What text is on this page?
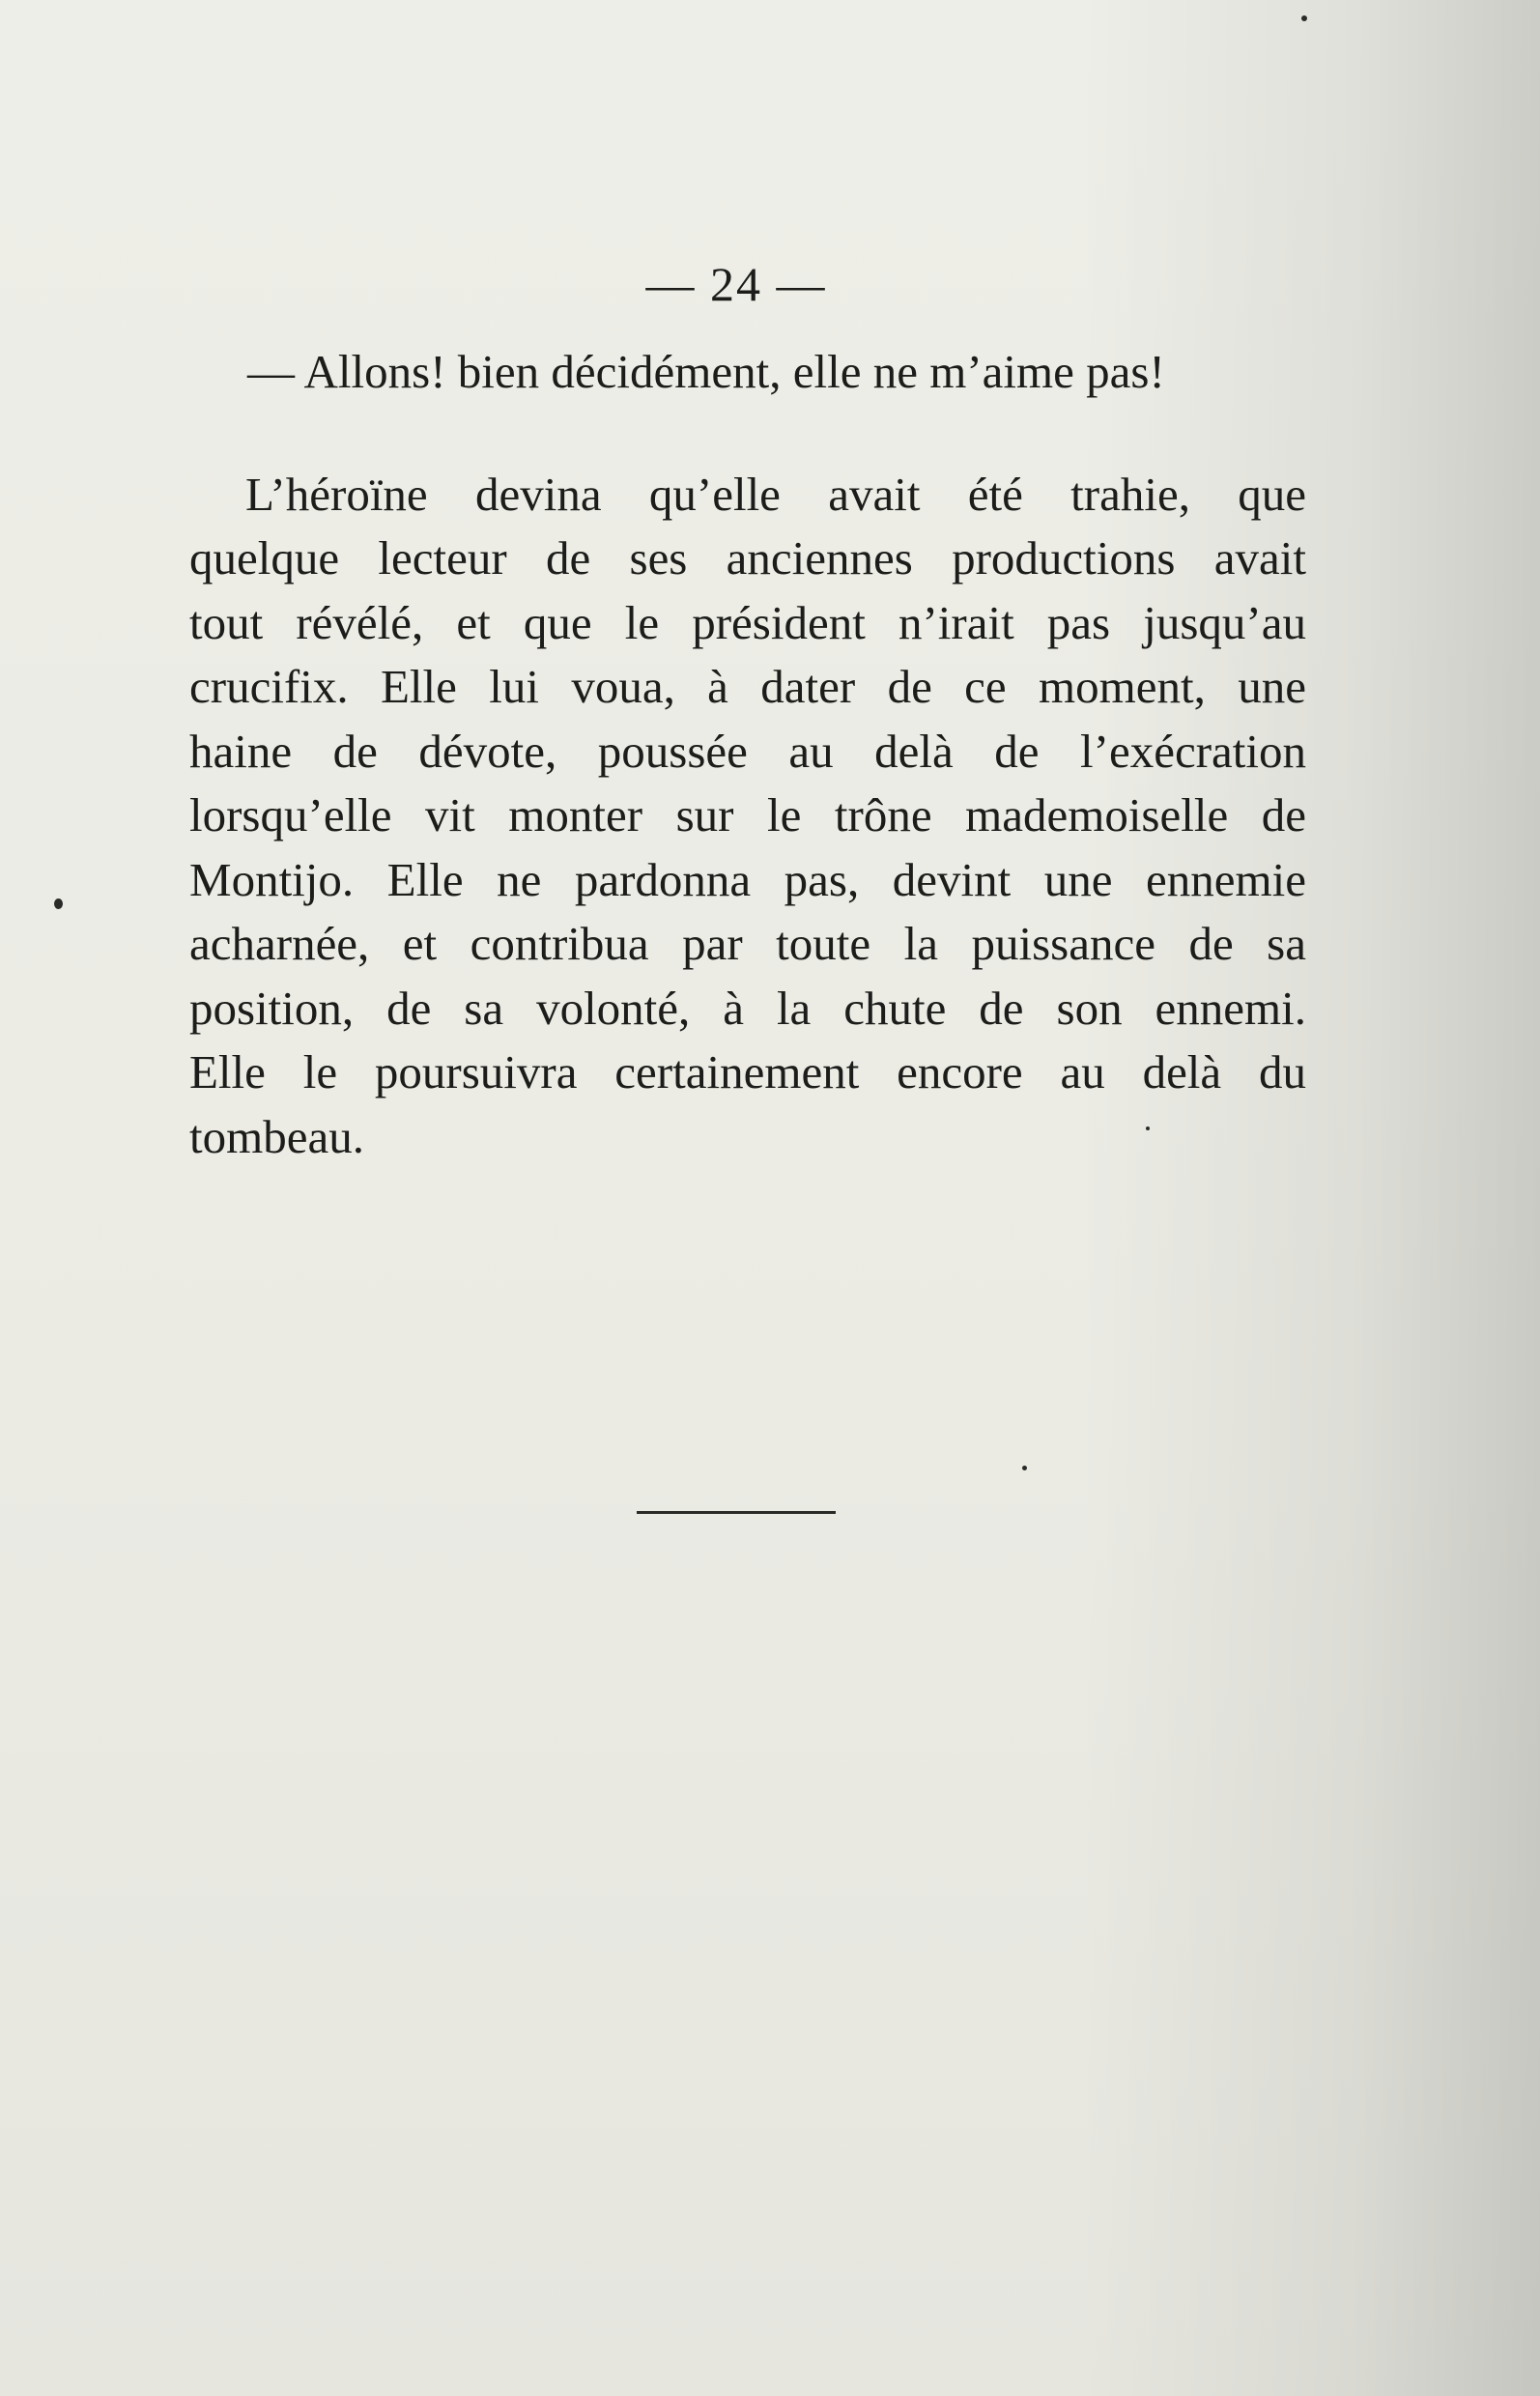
— 24 —

— Allons! bien décidément, elle ne m’aime pas!

L’héroïne devina qu’elle avait été trahie, que
quelque lecteur de ses anciennes productions avait
tout révélé, et que le président n’irait pas jusqu’au
crucifix. Elle lui voua, à dater de ce moment, une
haine de dévote, poussée au delà de l’exécration
lorsqu’elle vit monter sur le trône mademoiselle de
Montijo. Elle ne pardonna pas, devint une ennemie
acharnée, et contribua par toute la puissance de sa
position, de sa volonté, à la chute de son ennemi.
Elle le poursuivra certainement encore au delà du
tombeau.
